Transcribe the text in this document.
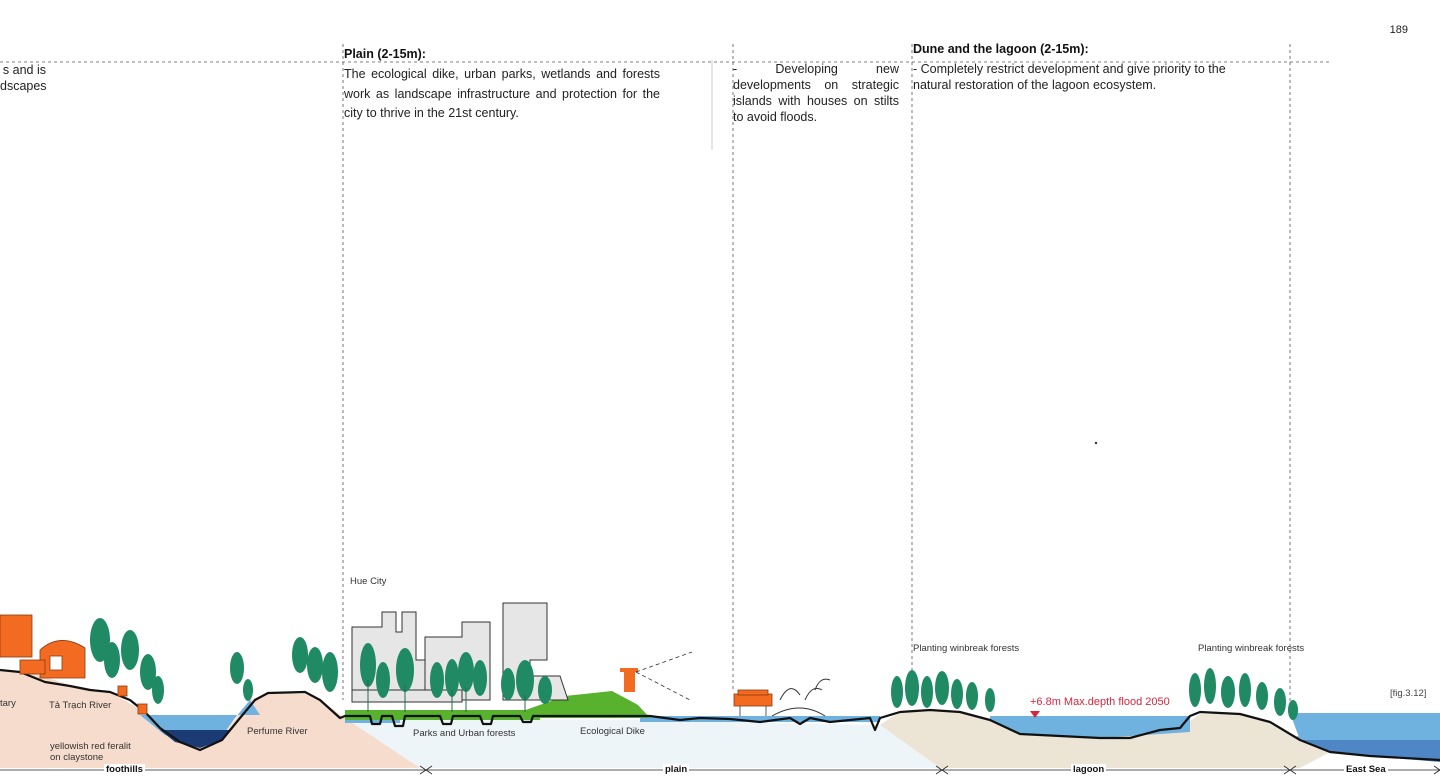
189
s and is
dscapes
Plain (2-15m):
The ecological dike, urban parks, wetlands and forests work as landscape infrastructure and protection for the city to thrive in the 21st century.
- Developing new developments on strategic islands with houses on stilts to avoid floods.
Dune and the lagoon (2-15m):
- Completely restrict development and give priority to the natural restoration of the lagoon ecosystem.
tary	Tả Trạch River
Perfume River
yellowish red feralit
on claystone
Hue City
Parks and Urban forests	Ecological Dike
Planting winbreak forests	Planting winbreak forests
+6.8m Max.depth flood 2050
[fig.3.12]
foothills	plain	lagoon	East Sea
